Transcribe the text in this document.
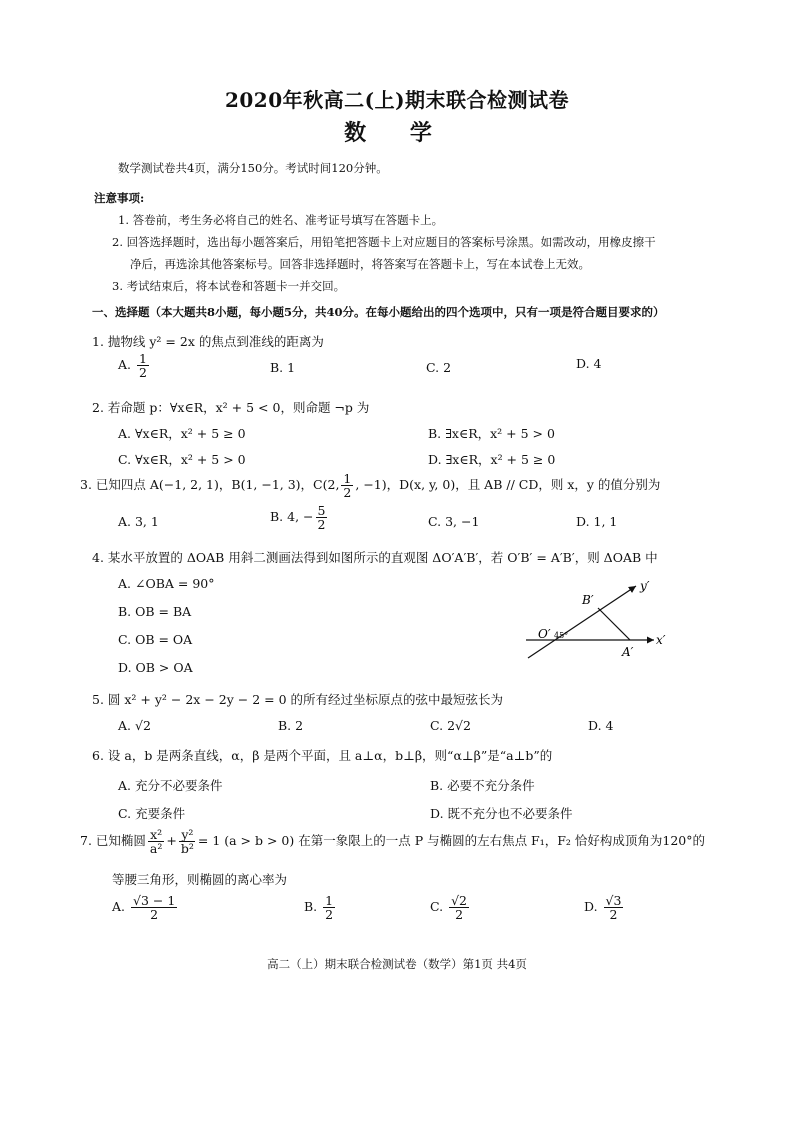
2020年秋高二(上)期末联合检测试卷
数 学
数学测试卷共4页，满分150分。考试时间120分钟。
注意事项:
1. 答卷前，考生务必将自己的姓名、准考证号填写在答题卡上。
2. 回答选择题时，选出每小题答案后，用铅笔把答题卡上对应题目的答案标号涂黑。如需改动，用橡皮擦干
净后，再选涂其他答案标号。回答非选择题时，将答案写在答题卡上，写在本试卷上无效。
3. 考试结束后，将本试卷和答题卡一并交回。
一、选择题（本大题共8小题，每小题5分，共40分。在每小题给出的四个选项中，只有一项是符合题目要求的）
1. 抛物线 y² = 2x 的焦点到准线的距离为
A. $\frac{1}{2}$	B. 1	C. 2	D. 4
2. 若命题 p：∀x∈R，x² + 5 < 0，则命题 ¬p 为
A. ∀x∈R，x² + 5 ≥ 0	B. ∃x∈R，x² + 5 > 0
C. ∀x∈R，x² + 5 > 0	D. ∃x∈R，x² + 5 ≥ 0
3. 已知四点 A(−1, 2, 1)，B(1, −1, 3)，C(2, $\frac{1}{2}$ , −1)，D(x, y, 0)，且 AB // CD，则 x，y 的值分别为
A. 3, 1	B. 4, − $\frac{5}{2}$	C. 3, −1	D. 1, 1
4. 某水平放置的 ΔOAB 用斜二测画法得到如图所示的直观图 ΔO′A′B′，若 O′B′ = A′B′，则 ΔOAB 中
A. ∠OBA = 90°
B. OB = BA
C. OB = OA
D. OB > OA
y′
x′
B′
O′
A′
45°
5. 圆 x² + y² − 2x − 2y − 2 = 0 的所有经过坐标原点的弦中最短弦长为
A. √2	B. 2	C. 2√2	D. 4
6. 设 a，b 是两条直线，α，β 是两个平面，且 a⊥α，b⊥β，则“α⊥β”是“a⊥b”的
A. 充分不必要条件	B. 必要不充分条件
C. 充要条件	D. 既不充分也不必要条件
7. 已知椭圆 $\frac{\text{x²}}{\text{a²}} + \frac{\text{y²}}{\text{b²}} = 1$ (a > b > 0) 在第一象限上的一点 P 与椭圆的左右焦点 F₁，F₂ 恰好构成顶角为120°的
等腰三角形，则椭圆的离心率为
A. $\frac{√3 - 1}{2}$	B. $\frac{1}{2}$	C. $\frac{√2}{2}$	D. $\frac{√3}{2}$
高二（上）期末联合检测试卷（数学）第1页 共4页
